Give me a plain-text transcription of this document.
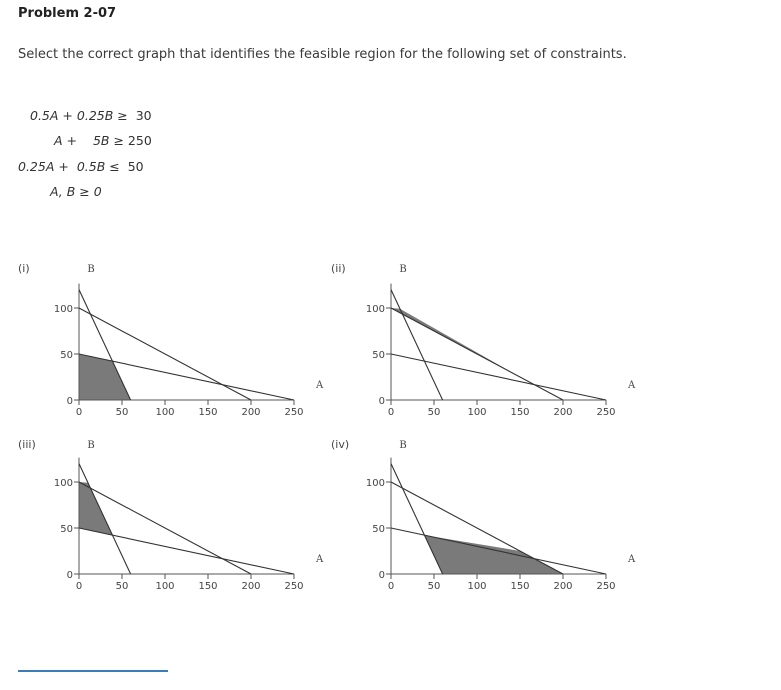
Problem 2-07
Select the correct graph that identifies the feasible region for the following set of constraints.
0.5A + 0.25B ≥ 30
A + 5B ≥ 250
0.25A + 0.5B ≤ 50
A, B ≥ 0
(i)	B
A
0	50	100 150 200 250
0
50
100
(ii)	B
A
0	50	100 150 200 250
0
50
100
(iii)	B
A
0	50	100 150 200 250
0
50
100
(iv)	B
A
0	50	100 150 200 250
0
50
100
